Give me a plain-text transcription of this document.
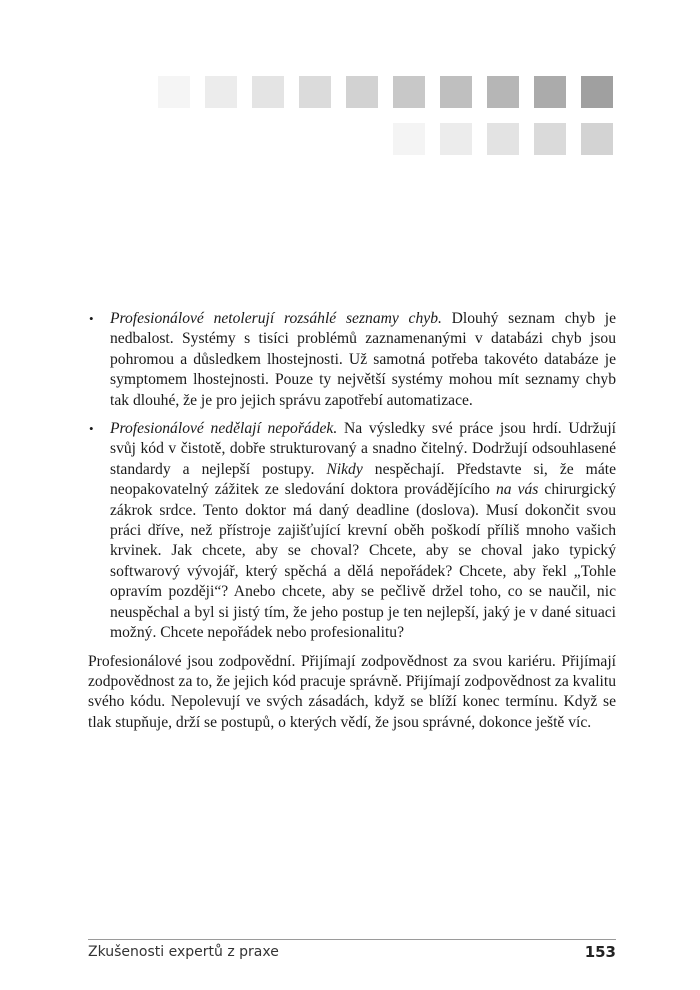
• Profesionálové netolerují rozsáhlé seznamy chyb. Dlouhý seznam chyb je nedbalost. Systémy s tisíci problémů zaznamenanými v databázi chyb jsou pohromou a důsledkem lhostejnosti. Už samotná potřeba takovéto databáze je symptomem lhostejnosti. Pouze ty největší systémy mohou mít seznamy chyb tak dlouhé, že je pro jejich správu zapotřebí automatizace.
• Profesionálové nedělají nepořádek. Na výsledky své práce jsou hrdí. Udržují svůj kód v čistotě, dobře strukturovaný a snadno čitelný. Dodržují odsouhlasené standardy a nejlepší postupy. Nikdy nespěchají. Představte si, že máte neopakovatelný zážitek ze sledování doktora provádějícího na vás chirurgický zákrok srdce. Tento doktor má daný deadline (doslova). Musí dokončit svou práci dříve, než přístroje zajišťující krevní oběh poškodí příliš mnoho vašich krvinek. Jak chcete, aby se choval? Chcete, aby se choval jako typický softwarový vývojář, který spěchá a dělá nepořádek? Chcete, aby řekl „Tohle opravím později“? Anebo chcete, aby se pečlivě držel toho, co se naučil, nic neuspěchal a byl si jistý tím, že jeho postup je ten nejlepší, jaký je v dané situaci možný. Chcete nepořádek nebo profesionalitu?

Profesionálové jsou zodpovědní. Přijímají zodpovědnost za svou kariéru. Přijímají zodpovědnost za to, že jejich kód pracuje správně. Přijímají zodpovědnost za kvalitu svého kódu. Nepolevují ve svých zásadách, když se blíží konec termínu. Když se tlak stupňuje, drží se postupů, o kterých vědí, že jsou správné, dokonce ještě víc.

Zkušenosti expertů z praxe	153
